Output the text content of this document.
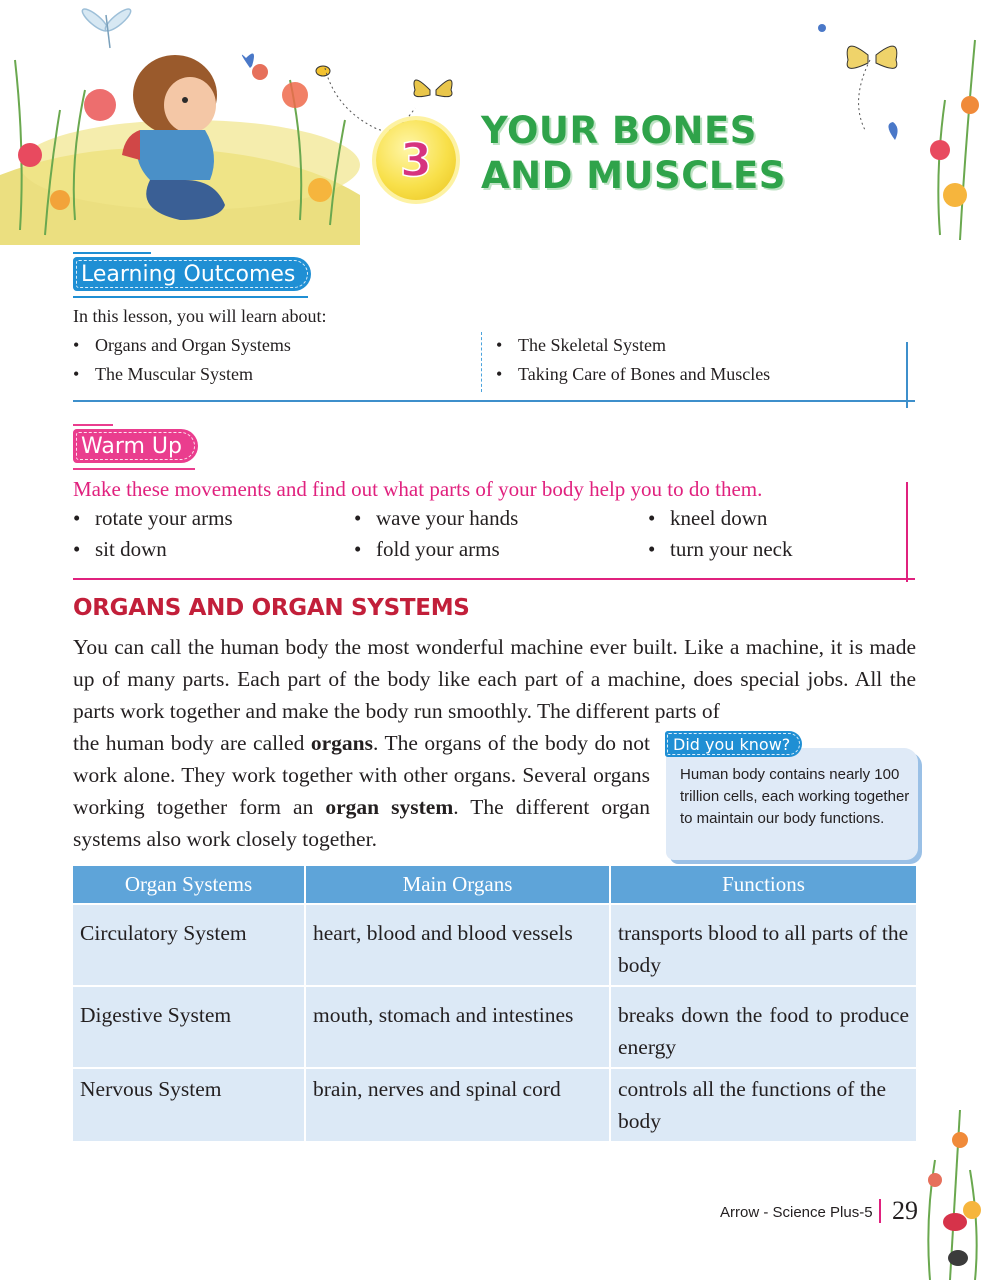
3
YOUR BONES
AND MUSCLES
Learning Outcomes
In this lesson, you will learn about:
• Organs and Organ Systems
• The Muscular System
• The Skeletal System
• Taking Care of Bones and Muscles
Warm Up
Make these movements and find out what parts of your body help you to do them.
• rotate your arms
• sit down
• wave your hands
• fold your arms
• kneel down
• turn your neck
ORGANS AND ORGAN SYSTEMS

You can call the human body the most wonderful machine ever built. Like a machine, it is made up of many parts. Each part of the body like each part of a machine, does special jobs. All the parts work together and make the body run smoothly. The different parts of

the human body are called organs. The organs of the body do not work alone. They work together with other organs. Several organs working together form an organ system. The different organ systems also work closely together.

Did you know?
Human body contains nearly 100 trillion cells, each working together to maintain our body functions.
Organ Systems	Main Organs	Functions
Circulatory System	heart, blood and blood vessels	transports blood to all parts of the body
Digestive System	mouth, stomach and intestines	breaks down the food to produce energy
Nervous System	brain, nerves and spinal cord	controls all the functions of the body
Arrow - Science Plus-5 29
